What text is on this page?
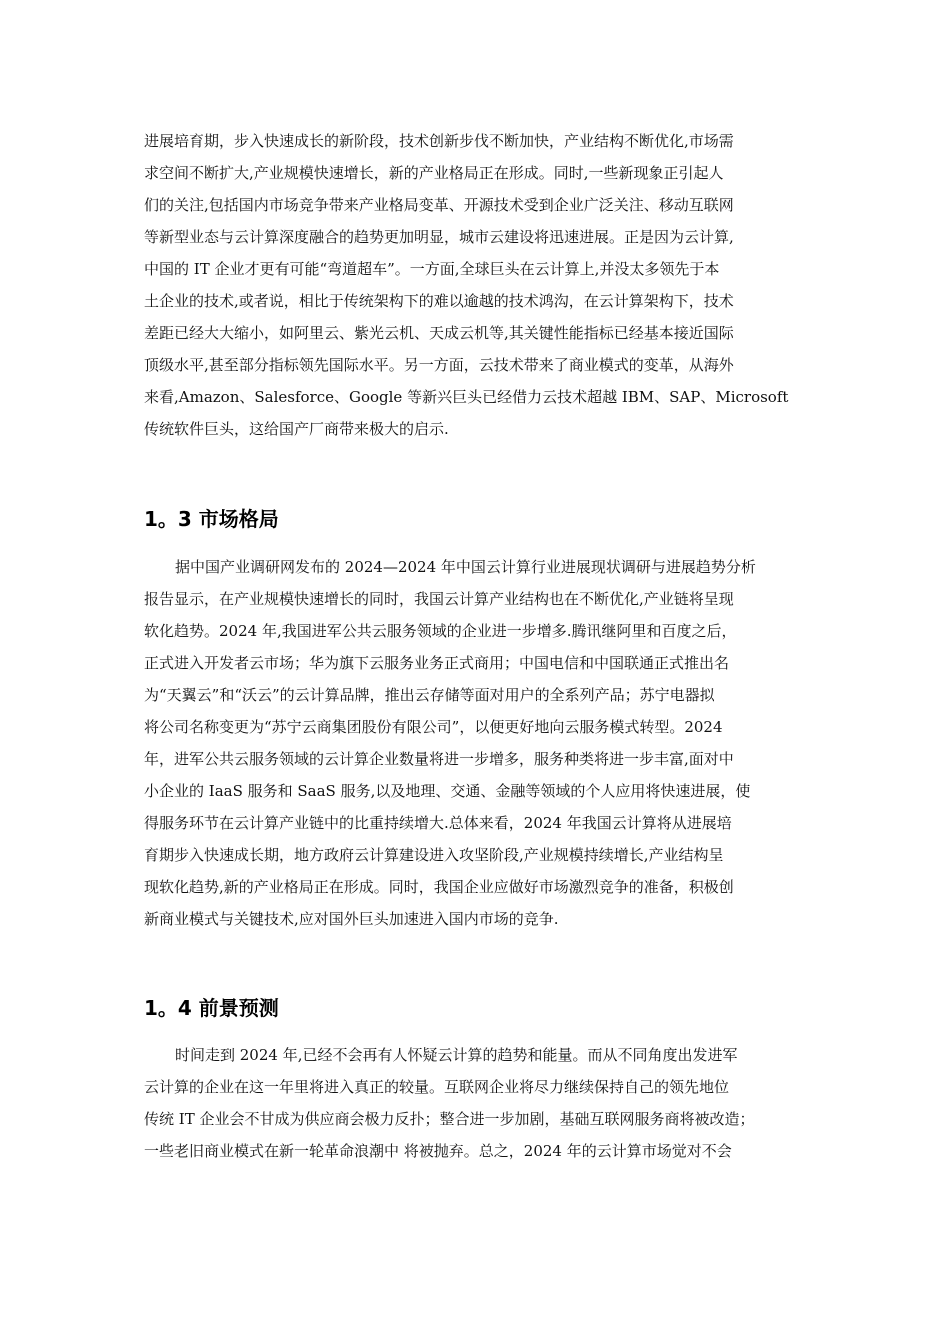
进展培育期，步入快速成长的新阶段，技术创新步伐不断加快，产业结构不断优化,市场需
求空间不断扩大,产业规模快速增长，新的产业格局正在形成。同时,一些新现象正引起人
们的关注,包括国内市场竞争带来产业格局变革、开源技术受到企业广泛关注、移动互联网
等新型业态与云计算深度融合的趋势更加明显，城市云建设将迅速进展。正是因为云计算,
中国的 IT 企业才更有可能“弯道超车”。一方面,全球巨头在云计算上,并没太多领先于本
土企业的技术,或者说，相比于传统架构下的难以逾越的技术鸿沟，在云计算架构下，技术
差距已经大大缩小，如阿里云、紫光云机、天成云机等,其关键性能指标已经基本接近国际
顶级水平,甚至部分指标领先国际水平。另一方面，云技术带来了商业模式的变革，从海外
来看,Amazon、Salesforce、Google 等新兴巨头已经借力云技术超越 IBM、SAP、Microsoft
传统软件巨头，这给国产厂商带来极大的启示.
1。3 市场格局
据中国产业调研网发布的 2024—2024 年中国云计算行业进展现状调研与进展趋势分析
报告显示，在产业规模快速增长的同时，我国云计算产业结构也在不断优化,产业链将呈现
软化趋势。2024 年,我国进军公共云服务领域的企业进一步增多.腾讯继阿里和百度之后，
正式进入开发者云市场；华为旗下云服务业务正式商用；中国电信和中国联通正式推出名
为“天翼云”和“沃云”的云计算品牌，推出云存储等面对用户的全系列产品；苏宁电器拟
将公司名称变更为“苏宁云商集团股份有限公司”，以便更好地向云服务模式转型。2024
年，进军公共云服务领域的云计算企业数量将进一步增多，服务种类将进一步丰富,面对中
小企业的 IaaS 服务和 SaaS 服务,以及地理、交通、金融等领域的个人应用将快速进展，使
得服务环节在云计算产业链中的比重持续增大.总体来看，2024 年我国云计算将从进展培
育期步入快速成长期，地方政府云计算建设进入攻坚阶段,产业规模持续增长,产业结构呈
现软化趋势,新的产业格局正在形成。同时，我国企业应做好市场激烈竞争的准备，积极创
新商业模式与关键技术,应对国外巨头加速进入国内市场的竞争.
1。4 前景预测
时间走到 2024 年,已经不会再有人怀疑云计算的趋势和能量。而从不同角度出发进军
云计算的企业在这一年里将进入真正的较量。互联网企业将尽力继续保持自己的领先地位
传统 IT 企业会不甘成为供应商会极力反扑；整合进一步加剧，基础互联网服务商将被改造；
一些老旧商业模式在新一轮革命浪潮中 将被抛弃。总之，2024 年的云计算市场觉对不会
